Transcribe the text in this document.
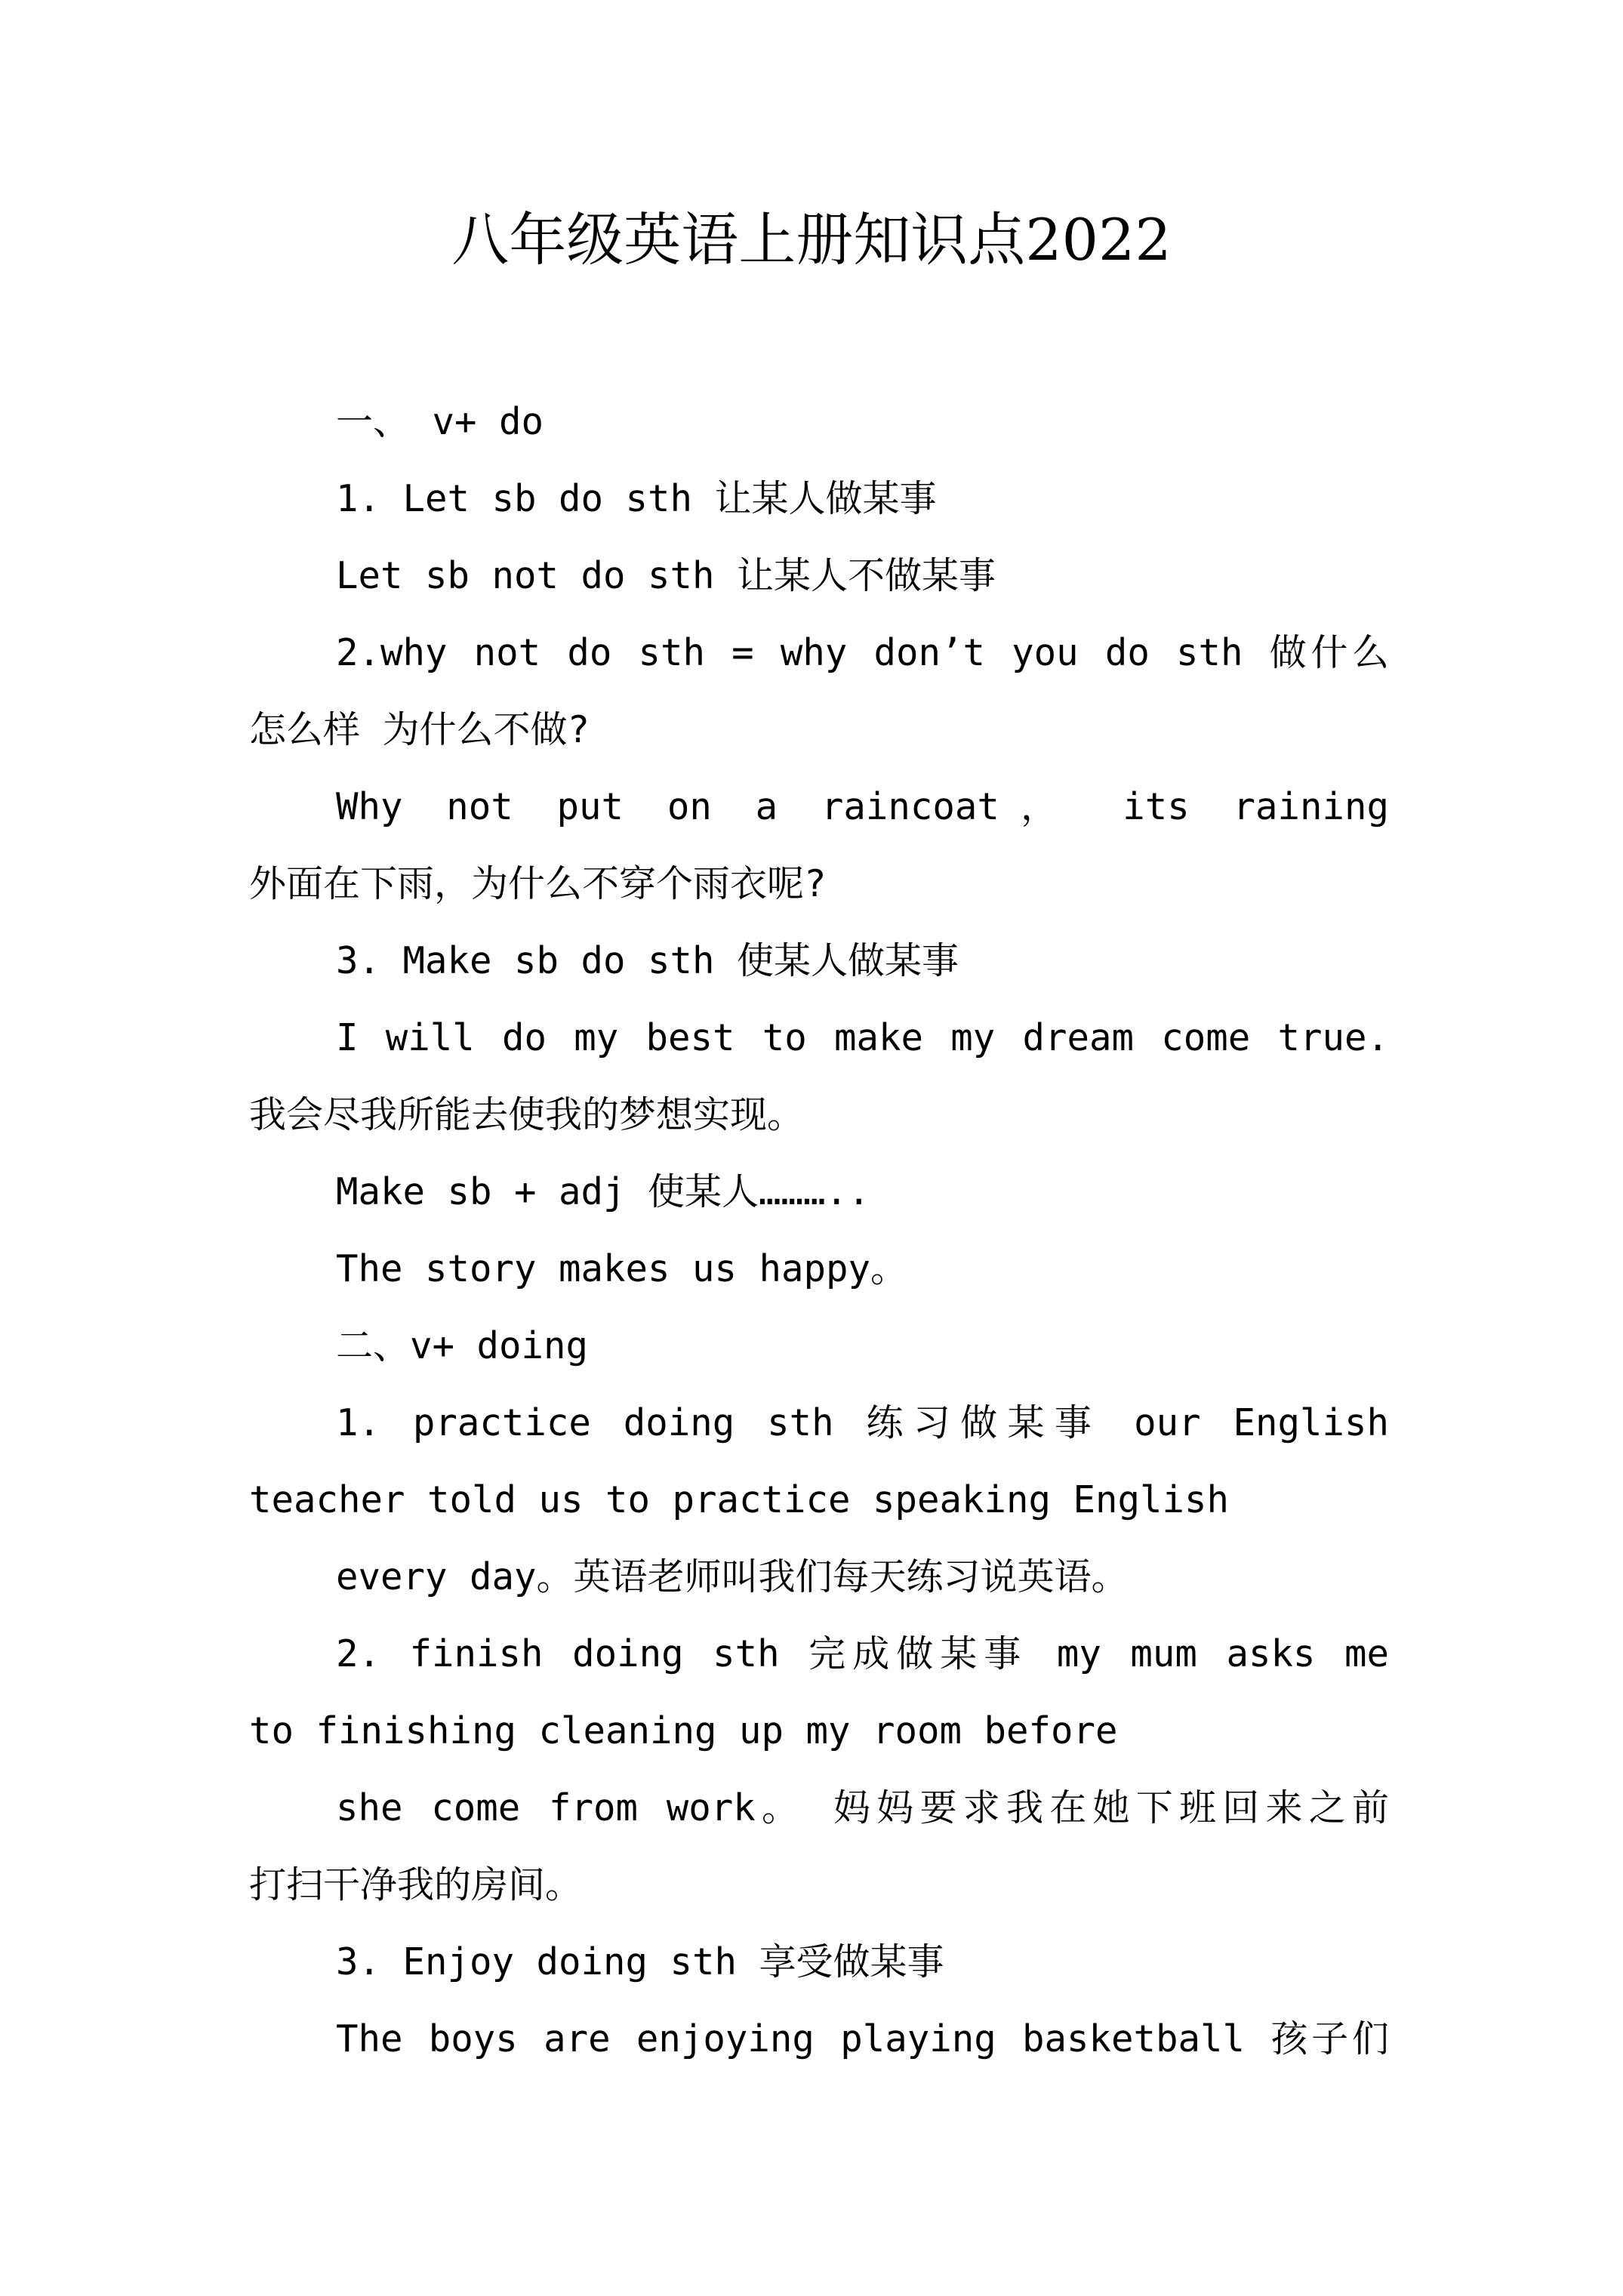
八年级英语上册知识点2022
一、 v+ do
1. Let sb do sth 让某人做某事
Let sb not do sth 让某人不做某事
2.why not do sth = why don’t you do sth 做什么
怎么样 为什么不做?
Why not put on a raincoat， its raining
外面在下雨，为什么不穿个雨衣呢?
3. Make sb do sth 使某人做某事
I will do my best to make my dream come true.
我会尽我所能去使我的梦想实现。
Make sb + adj 使某人………..
The story makes us happy。
二、v+ doing
1. practice doing sth 练习做某事 our English
teacher told us to practice speaking English
every day。英语老师叫我们每天练习说英语。
2. finish doing sth 完成做某事 my mum asks me
to finishing cleaning up my room before
she come from work。 妈妈要求我在她下班回来之前
打扫干净我的房间。
3. Enjoy doing sth 享受做某事
The boys are enjoying playing basketball 孩子们
